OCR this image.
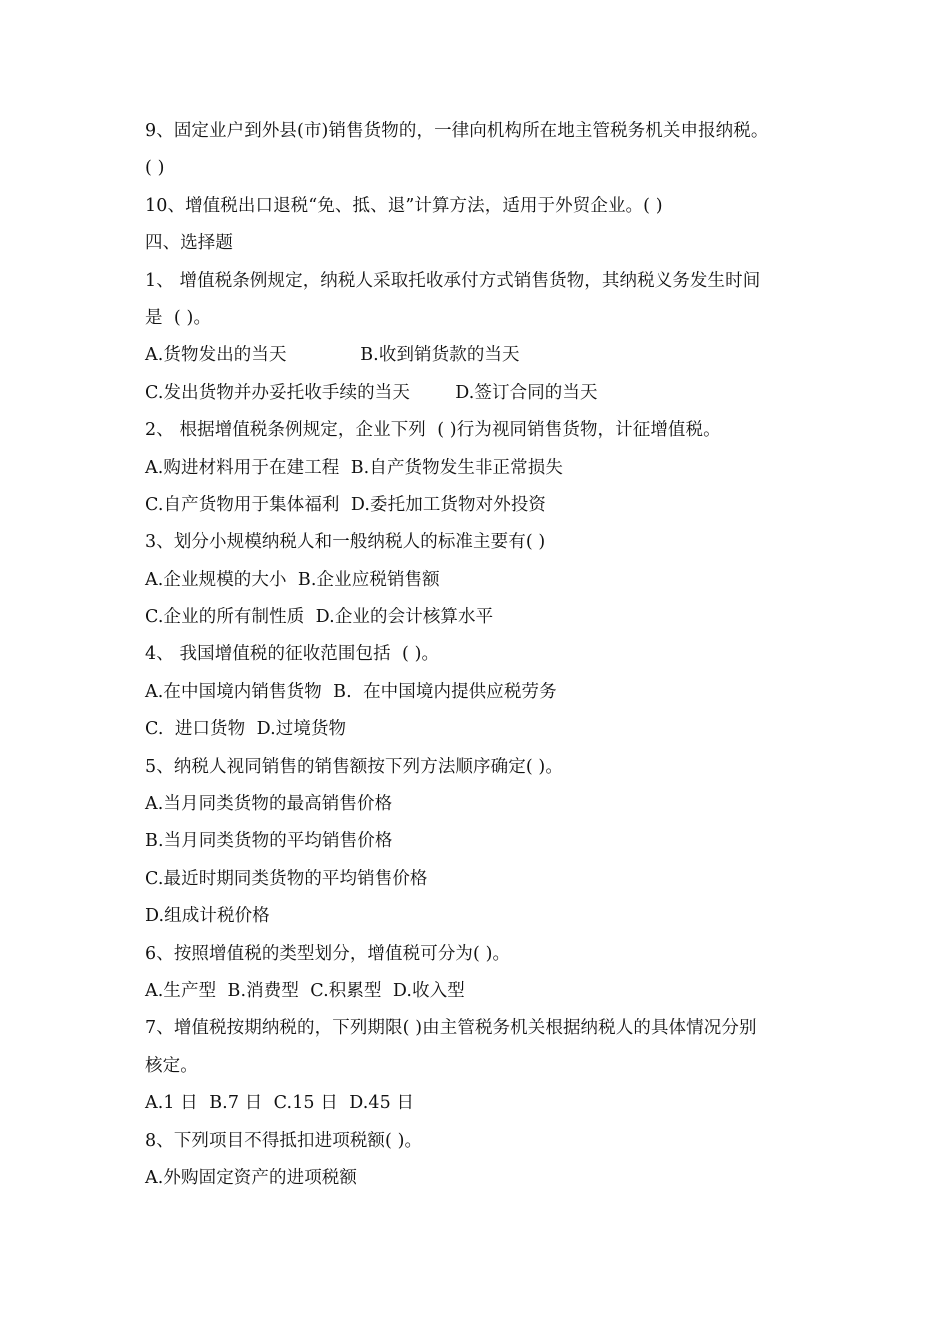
9、固定业户到外县(市)销售货物的，一律向机构所在地主管税务机关申报纳税。
( )
10、增值税出口退税“免、抵、退”计算方法，适用于外贸企业。( )
四、选择题
1、 增值税条例规定，纳税人采取托收承付方式销售货物，其纳税义务发生时间
是  ( )。
A.货物发出的当天             B.收到销货款的当天
C.发出货物并办妥托收手续的当天        D.签订合同的当天
2、 根据增值税条例规定，企业下列  ( )行为视同销售货物，计征增值税。
A.购进材料用于在建工程  B.自产货物发生非正常损失
C.自产货物用于集体福利  D.委托加工货物对外投资
3、划分小规模纳税人和一般纳税人的标准主要有( )
A.企业规模的大小  B.企业应税销售额
C.企业的所有制性质  D.企业的会计核算水平
4、 我国增值税的征收范围包括  ( )。
A.在中国境内销售货物  B.  在中国境内提供应税劳务
C.  进口货物  D.过境货物
5、纳税人视同销售的销售额按下列方法顺序确定( )。
A.当月同类货物的最高销售价格
B.当月同类货物的平均销售价格
C.最近时期同类货物的平均销售价格
D.组成计税价格
6、按照增值税的类型划分，增值税可分为( )。
A.生产型  B.消费型  C.积累型  D.收入型
7、增值税按期纳税的，下列期限( )由主管税务机关根据纳税人的具体情况分别
核定。
A.1 日  B.7 日  C.15 日  D.45 日
8、下列项目不得抵扣进项税额( )。
A.外购固定资产的进项税额
